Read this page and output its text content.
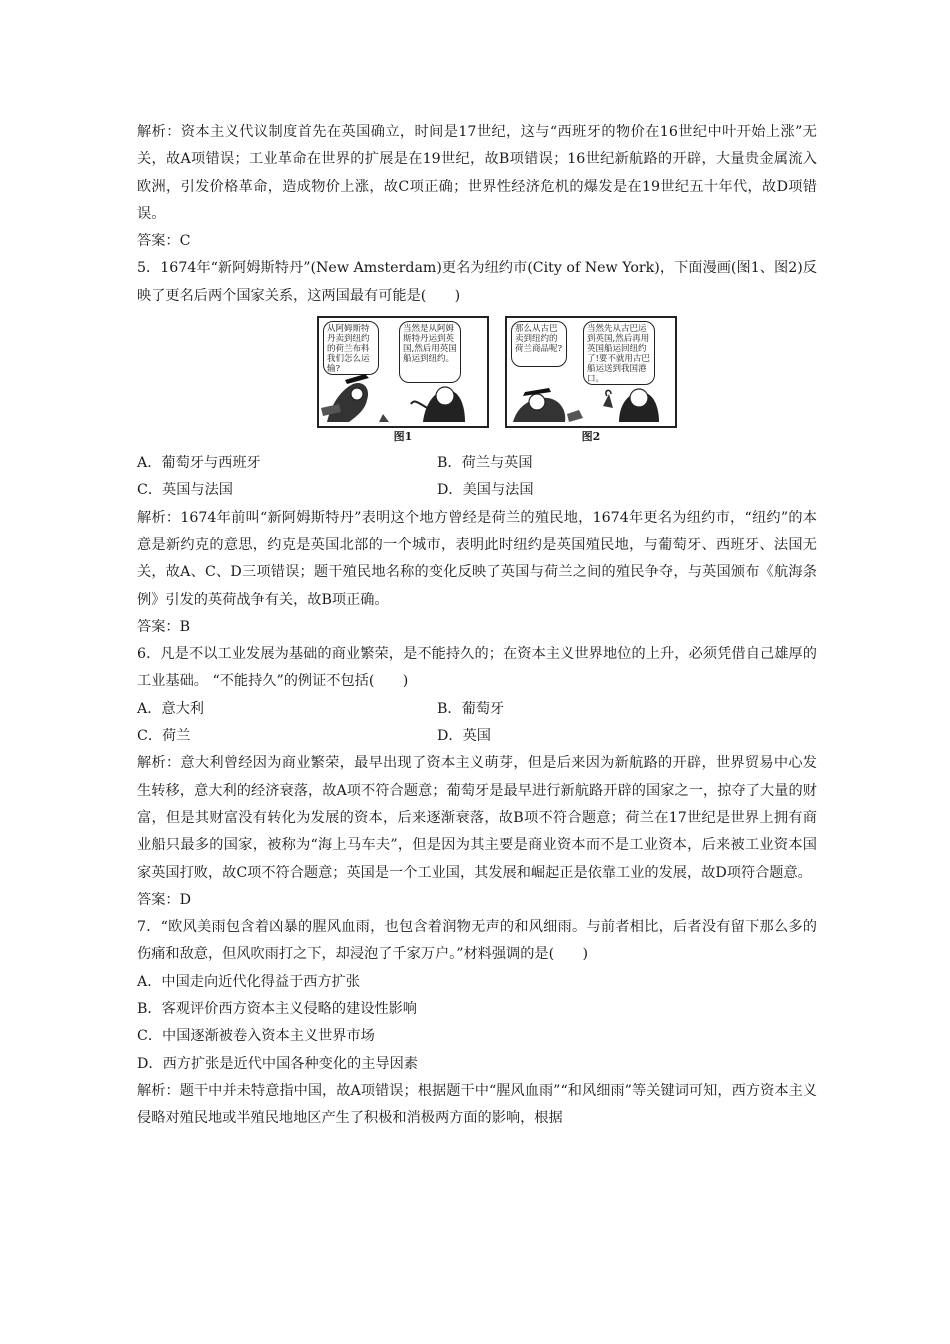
解析：资本主义代议制度首先在英国确立，时间是17世纪，这与“西班牙的物价在16世纪中叶开始上涨”无关，故A项错误；工业革命在世界的扩展是在19世纪，故B项错误；16世纪新航路的开辟，大量贵金属流入欧洲，引发价格革命，造成物价上涨，故C项正确；世界性经济危机的爆发是在19世纪五十年代，故D项错误。

答案：C

5．1674年“新阿姆斯特丹”(New Amsterdam)更名为纽约市(City of New York)，下面漫画(图1、图2)反映了更名后两个国家关系，这两国最有可能是(　　)

从阿姆斯特丹卖到纽约的荷兰布料我们怎么运输?
当然是从阿姆斯特丹运到英国,然后用英国船运到纽约。
图1
那么从古巴卖到纽约的荷兰商品呢?
当然先从古巴运到英国,然后再用英国船运回纽约了!要不就用古巴船运送到我国港口。
图2
A．葡萄牙与西班牙	B．荷兰与英国
C．英国与法国	D．美国与法国

解析：1674年前叫“新阿姆斯特丹”表明这个地方曾经是荷兰的殖民地，1674年更名为纽约市，“纽约”的本意是新约克的意思，约克是英国北部的一个城市，表明此时纽约是英国殖民地，与葡萄牙、西班牙、法国无关，故A、C、D三项错误；题干殖民地名称的变化反映了英国与荷兰之间的殖民争夺，与英国颁布《航海条例》引发的英荷战争有关，故B项正确。

答案：B

6．凡是不以工业发展为基础的商业繁荣，是不能持久的；在资本主义世界地位的上升，必须凭借自己雄厚的工业基础。 “不能持久”的例证不包括(　　)

A．意大利	B．葡萄牙
C．荷兰	D．英国

解析：意大利曾经因为商业繁荣，最早出现了资本主义萌芽，但是后来因为新航路的开辟，世界贸易中心发生转移，意大利的经济衰落，故A项不符合题意；葡萄牙是最早进行新航路开辟的国家之一，掠夺了大量的财富，但是其财富没有转化为发展的资本，后来逐渐衰落，故B项不符合题意；荷兰在17世纪是世界上拥有商业船只最多的国家，被称为“海上马车夫”，但是因为其主要是商业资本而不是工业资本，后来被工业资本国家英国打败，故C项不符合题意；英国是一个工业国，其发展和崛起正是依靠工业的发展，故D项符合题意。

答案：D

7．“欧风美雨包含着凶暴的腥风血雨，也包含着润物无声的和风细雨。与前者相比，后者没有留下那么多的伤痛和敌意，但风吹雨打之下，却浸泡了千家万户。”材料强调的是(　　)

A．中国走向近代化得益于西方扩张

B．客观评价西方资本主义侵略的建设性影响

C．中国逐渐被卷入资本主义世界市场

D．西方扩张是近代中国各种变化的主导因素

解析：题干中并未特意指中国，故A项错误；根据题干中“腥风血雨”“和风细雨”等关键词可知，西方资本主义侵略对殖民地或半殖民地地区产生了积极和消极两方面的影响，根据
